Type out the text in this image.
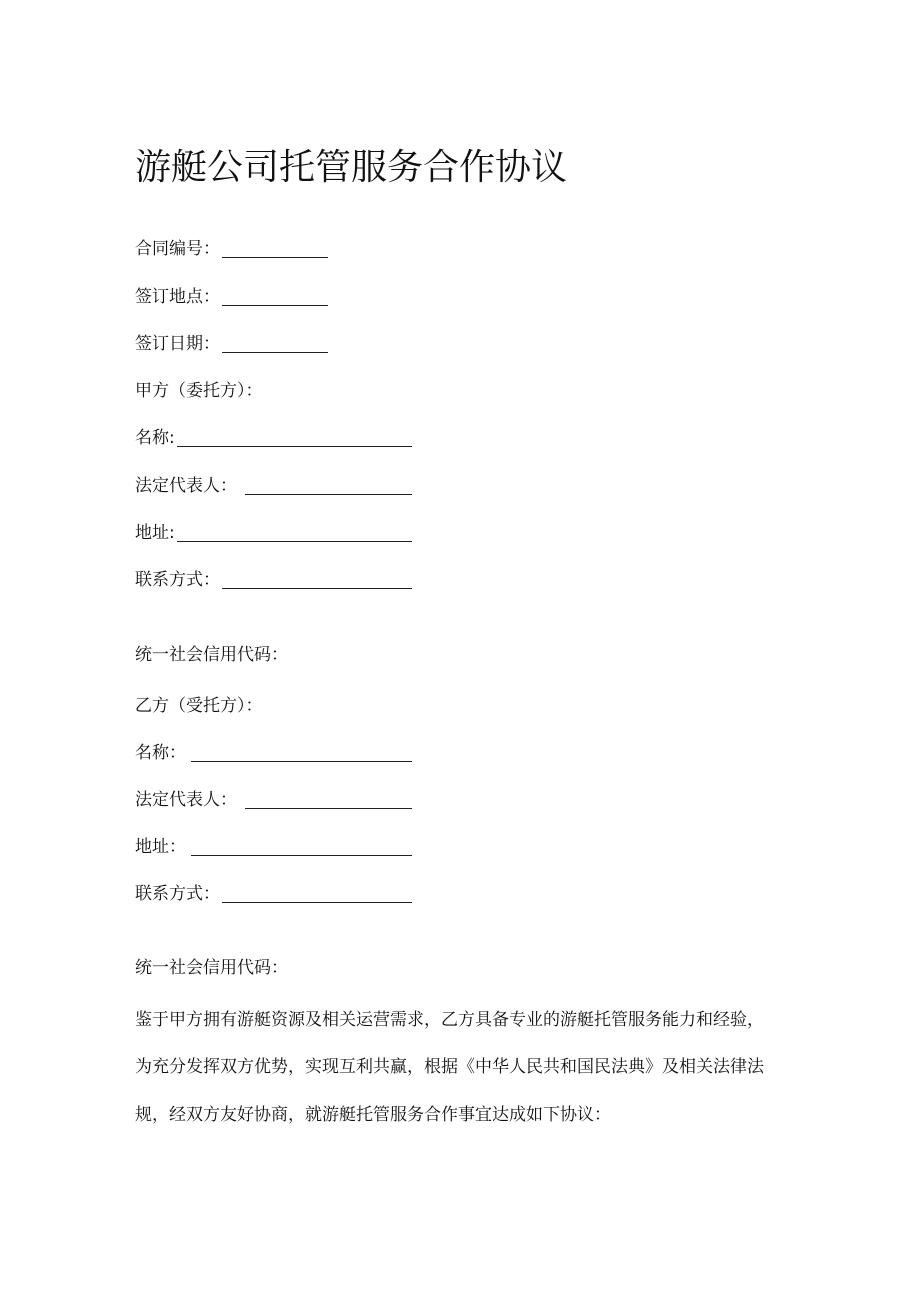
游艇公司托管服务合作协议
合同编号：
签订地点：
签订日期：
甲方（委托方）：
名称:
法定代表人：
地址:
联系方式：
统一社会信用代码：
乙方（受托方）：
名称：
法定代表人：
地址：
联系方式：
统一社会信用代码：
鉴于甲方拥有游艇资源及相关运营需求，乙方具备专业的游艇托管服务能力和经验，
为充分发挥双方优势，实现互利共赢，根据《中华人民共和国民法典》及相关法律法
规，经双方友好协商，就游艇托管服务合作事宜达成如下协议：
